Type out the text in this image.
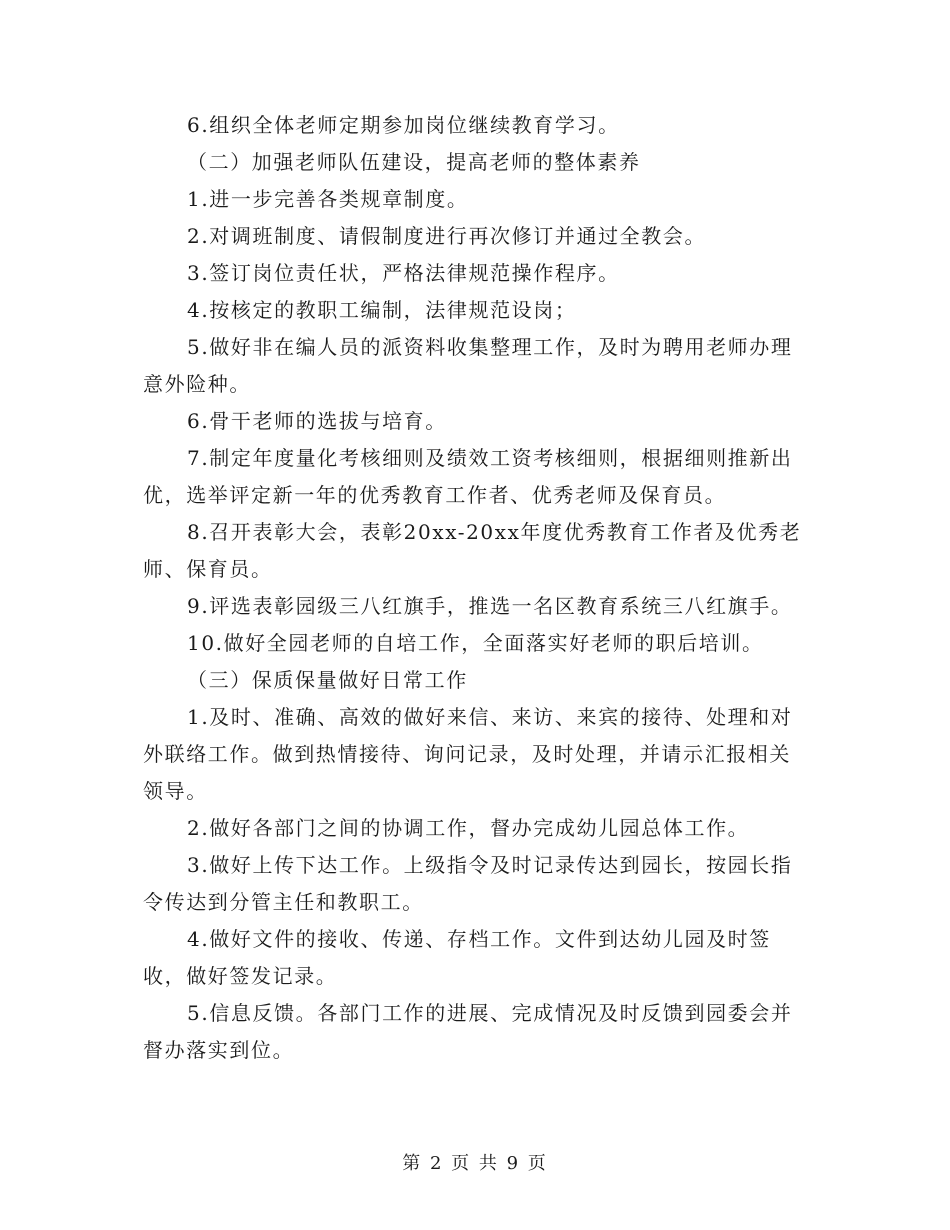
6.组织全体老师定期参加岗位继续教育学习。

（二）加强老师队伍建设，提高老师的整体素养

1.进一步完善各类规章制度。

2.对调班制度、请假制度进行再次修订并通过全教会。

3.签订岗位责任状，严格法律规范操作程序。

4.按核定的教职工编制，法律规范设岗；

5.做好非在编人员的派资料收集整理工作，及时为聘用老师办理意外险种。

6.骨干老师的选拔与培育。

7.制定年度量化考核细则及绩效工资考核细则，根据细则推新出优，选举评定新一年的优秀教育工作者、优秀老师及保育员。

8.召开表彰大会，表彰20xx-20xx年度优秀教育工作者及优秀老师、保育员。

9.评选表彰园级三八红旗手，推选一名区教育系统三八红旗手。

10.做好全园老师的自培工作，全面落实好老师的职后培训。

（三）保质保量做好日常工作

1.及时、准确、高效的做好来信、来访、来宾的接待、处理和对外联络工作。做到热情接待、询问记录，及时处理，并请示汇报相关领导。

2.做好各部门之间的协调工作，督办完成幼儿园总体工作。

3.做好上传下达工作。上级指令及时记录传达到园长，按园长指令传达到分管主任和教职工。

4.做好文件的接收、传递、存档工作。文件到达幼儿园及时签收，做好签发记录。

5.信息反馈。各部门工作的进展、完成情况及时反馈到园委会并督办落实到位。

第 2 页 共 9 页
